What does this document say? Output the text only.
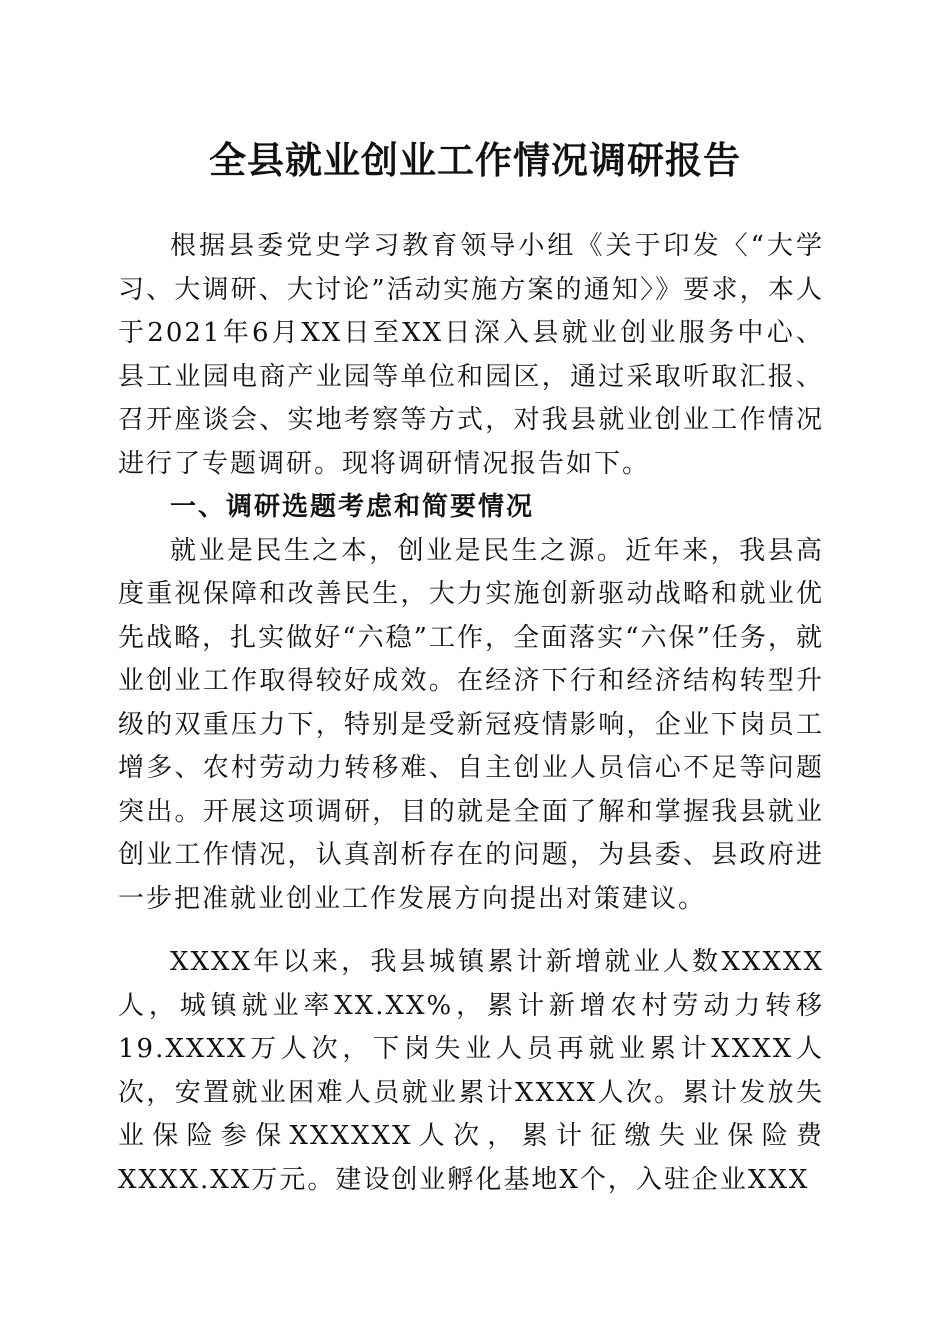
全县就业创业工作情况调研报告

根据县委党史学习教育领导小组《关于印发〈“大学习、大调研、大讨论”活动实施方案的通知〉》要求，本人于2021年6月XX日至XX日深入县就业创业服务中心、县工业园电商产业园等单位和园区，通过采取听取汇报、召开座谈会、实地考察等方式，对我县就业创业工作情况进行了专题调研。现将调研情况报告如下。

一、调研选题考虑和简要情况

就业是民生之本，创业是民生之源。近年来，我县高度重视保障和改善民生，大力实施创新驱动战略和就业优先战略，扎实做好“六稳”工作，全面落实“六保”任务，就业创业工作取得较好成效。在经济下行和经济结构转型升级的双重压力下，特别是受新冠疫情影响，企业下岗员工增多、农村劳动力转移难、自主创业人员信心不足等问题突出。开展这项调研，目的就是全面了解和掌握我县就业创业工作情况，认真剖析存在的问题，为县委、县政府进一步把准就业创业工作发展方向提出对策建议。

XXXX年以来，我县城镇累计新增就业人数XXXXX人，城镇就业率XX.XX%，累计新增农村劳动力转移19.XXXX万人次，下岗失业人员再就业累计XXXX人次，安置就业困难人员就业累计XXXX人次。累计发放失业保险参保XXXXXX人次，累计征缴失业保险费XXXX.XX万元。建设创业孵化基地X个，入驻企业XXX
